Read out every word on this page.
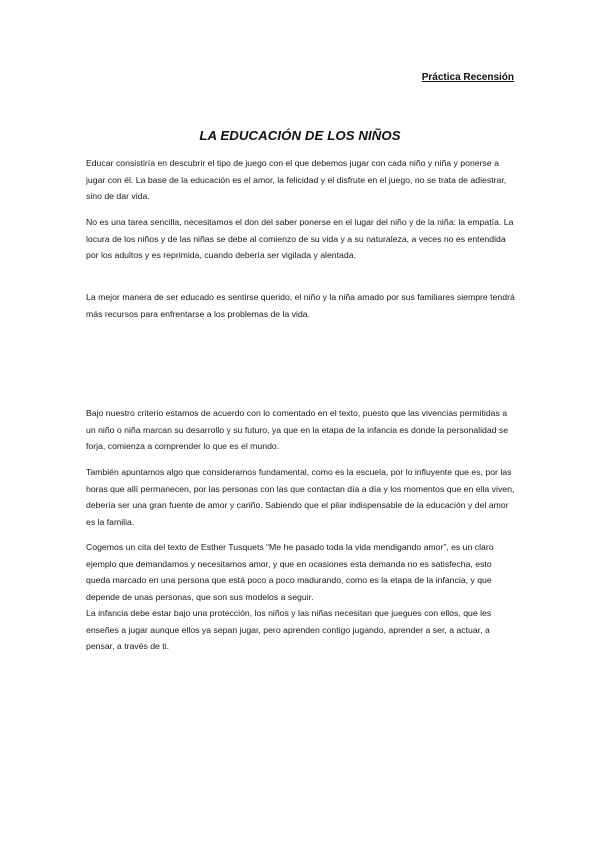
Práctica Recensión
LA EDUCACIÓN DE LOS NIÑOS

Educar consistiría en descubrir el tipo de juego con el que debemos jugar con cada niño y niña y ponerse a jugar con él. La base de la educación es el amor, la felicidad y el disfrute en el juego, no se trata de adiestrar, sino de dar vida.

No es una tarea sencilla, necesitamos el don del saber ponerse en el lugar del niño y de la niña: la empatía. La locura de los niños y de las niñas se debe al comienzo de su vida y a su naturaleza, a veces no es entendida por los adultos y es reprimida, cuando debería ser vigilada y alentada.

La mejor manera de ser educado es sentirse querido, el niño y la niña amado por sus familiares siempre tendrá más recursos para enfrentarse a los problemas de la vida.

Bajo nuestro criterio estamos de acuerdo con lo comentado en el texto, puesto que las vivencias permitidas a un niño o niña marcan su desarrollo y su futuro, ya que en la etapa de la infancia es donde la personalidad se forja, comienza a comprender lo que es el mundo.

También apuntamos algo que consideramos fundamental, como es la escuela, por lo influyente que es, por las horas que allí permanecen, por las personas con las que contactan día a día y los momentos que en ella viven, debería ser una gran fuente de amor y cariño. Sabiendo que el pilar indispensable de la educación y del amor es la familia.

Cogemos un cita del texto de Esther Tusquets “Me he pasado toda la vida mendigando amor”, es un claro ejemplo que demandamos y necesitamos amor, y que en ocasiones esta demanda no es satisfecha, esto queda marcado en una persona que está poco a poco madurando, como es la etapa de la infancia, y que depende de unas personas, que son sus modelos a seguir.

La infancia debe estar bajo una protección, los niños y las niñas necesitan que juegues con ellos, que les enseñes a jugar aunque ellos ya sepan jugar, pero aprenden contigo jugando, aprender a ser, a actuar, a pensar, a través de ti.
